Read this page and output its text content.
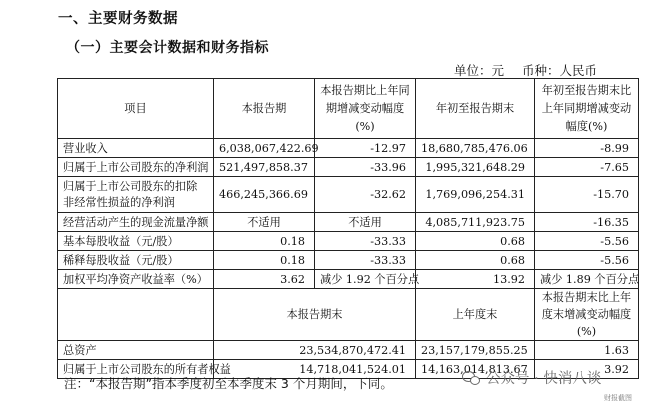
一、主要财务数据
（一）主要会计数据和财务指标
单位：元 币种：人民币
项目	本报告期	本报告期比上年同期增减变动幅度(%)	年初至报告期末	年初至报告期末比上年同期增减变动幅度(%)
营业收入	6,038,067,422.69	-12.97	18,680,785,476.06	-8.99
归属于上市公司股东的净利润	521,497,858.37	-33.96	1,995,321,648.29	-7.65
归属于上市公司股东的扣除非经常性损益的净利润	466,245,366.69	-32.62	1,769,096,254.31	-15.70
经营活动产生的现金流量净额	不适用	不适用	4,085,711,923.75	-16.35
基本每股收益（元/股）	0.18	-33.33	0.68	-5.56
稀释每股收益（元/股）	0.18	-33.33	0.68	-5.56
加权平均净资产收益率（%）	3.62	减少 1.92 个百分点	13.92	减少 1.89 个百分点
	本报告期末		上年度末	本报告期末比上年度末增减变动幅度(%)
总资产	23,534,870,472.41		23,157,179,855.25	1.63
归属于上市公司股东的所有者权益	14,718,041,524.01		14,163,014,813.67	3.92
注：“本报告期”指本季度初至本季度末 3 个月期间，下同。	公众号 · 快消八谈
财报截图
